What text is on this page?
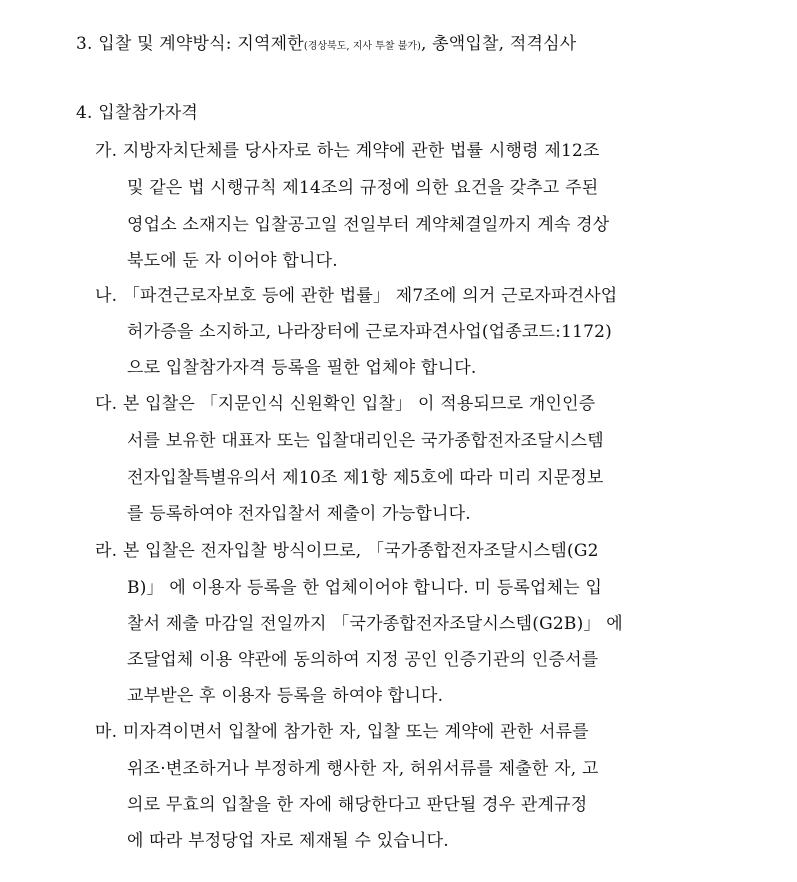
3. 입찰 및 계약방식: 지역제한(경상북도, 지사 투찰 불가), 총액입찰, 적격심사
4. 입찰참가자격
가. 지방자치단체를 당사자로 하는 계약에 관한 법률 시행령 제12조
및 같은 법 시행규칙 제14조의 규정에 의한 요건을 갖추고 주된
영업소 소재지는 입찰공고일 전일부터 계약체결일까지 계속 경상
북도에 둔 자 이어야 합니다.
나. 「파견근로자보호 등에 관한 법률」 제7조에 의거 근로자파견사업
허가증을 소지하고, 나라장터에 근로자파견사업(업종코드:1172)
으로 입찰참가자격 등록을 필한 업체야 합니다.
다. 본 입찰은 「지문인식 신원확인 입찰」 이 적용되므로 개인인증
서를 보유한 대표자 또는 입찰대리인은 국가종합전자조달시스템
전자입찰특별유의서 제10조 제1항 제5호에 따라 미리 지문정보
를 등록하여야 전자입찰서 제출이 가능합니다.
라. 본 입찰은 전자입찰 방식이므로, 「국가종합전자조달시스템(G2
B)」 에 이용자 등록을 한 업체이어야 합니다. 미 등록업체는 입
찰서 제출 마감일 전일까지 「국가종합전자조달시스템(G2B)」 에
조달업체 이용 약관에 동의하여 지정 공인 인증기관의 인증서를
교부받은 후 이용자 등록을 하여야 합니다.
마. 미자격이면서 입찰에 참가한 자, 입찰 또는 계약에 관한 서류를
위조·변조하거나 부정하게 행사한 자, 허위서류를 제출한 자, 고
의로 무효의 입찰을 한 자에 해당한다고 판단될 경우 관계규정
에 따라 부정당업 자로 제재될 수 있습니다.
